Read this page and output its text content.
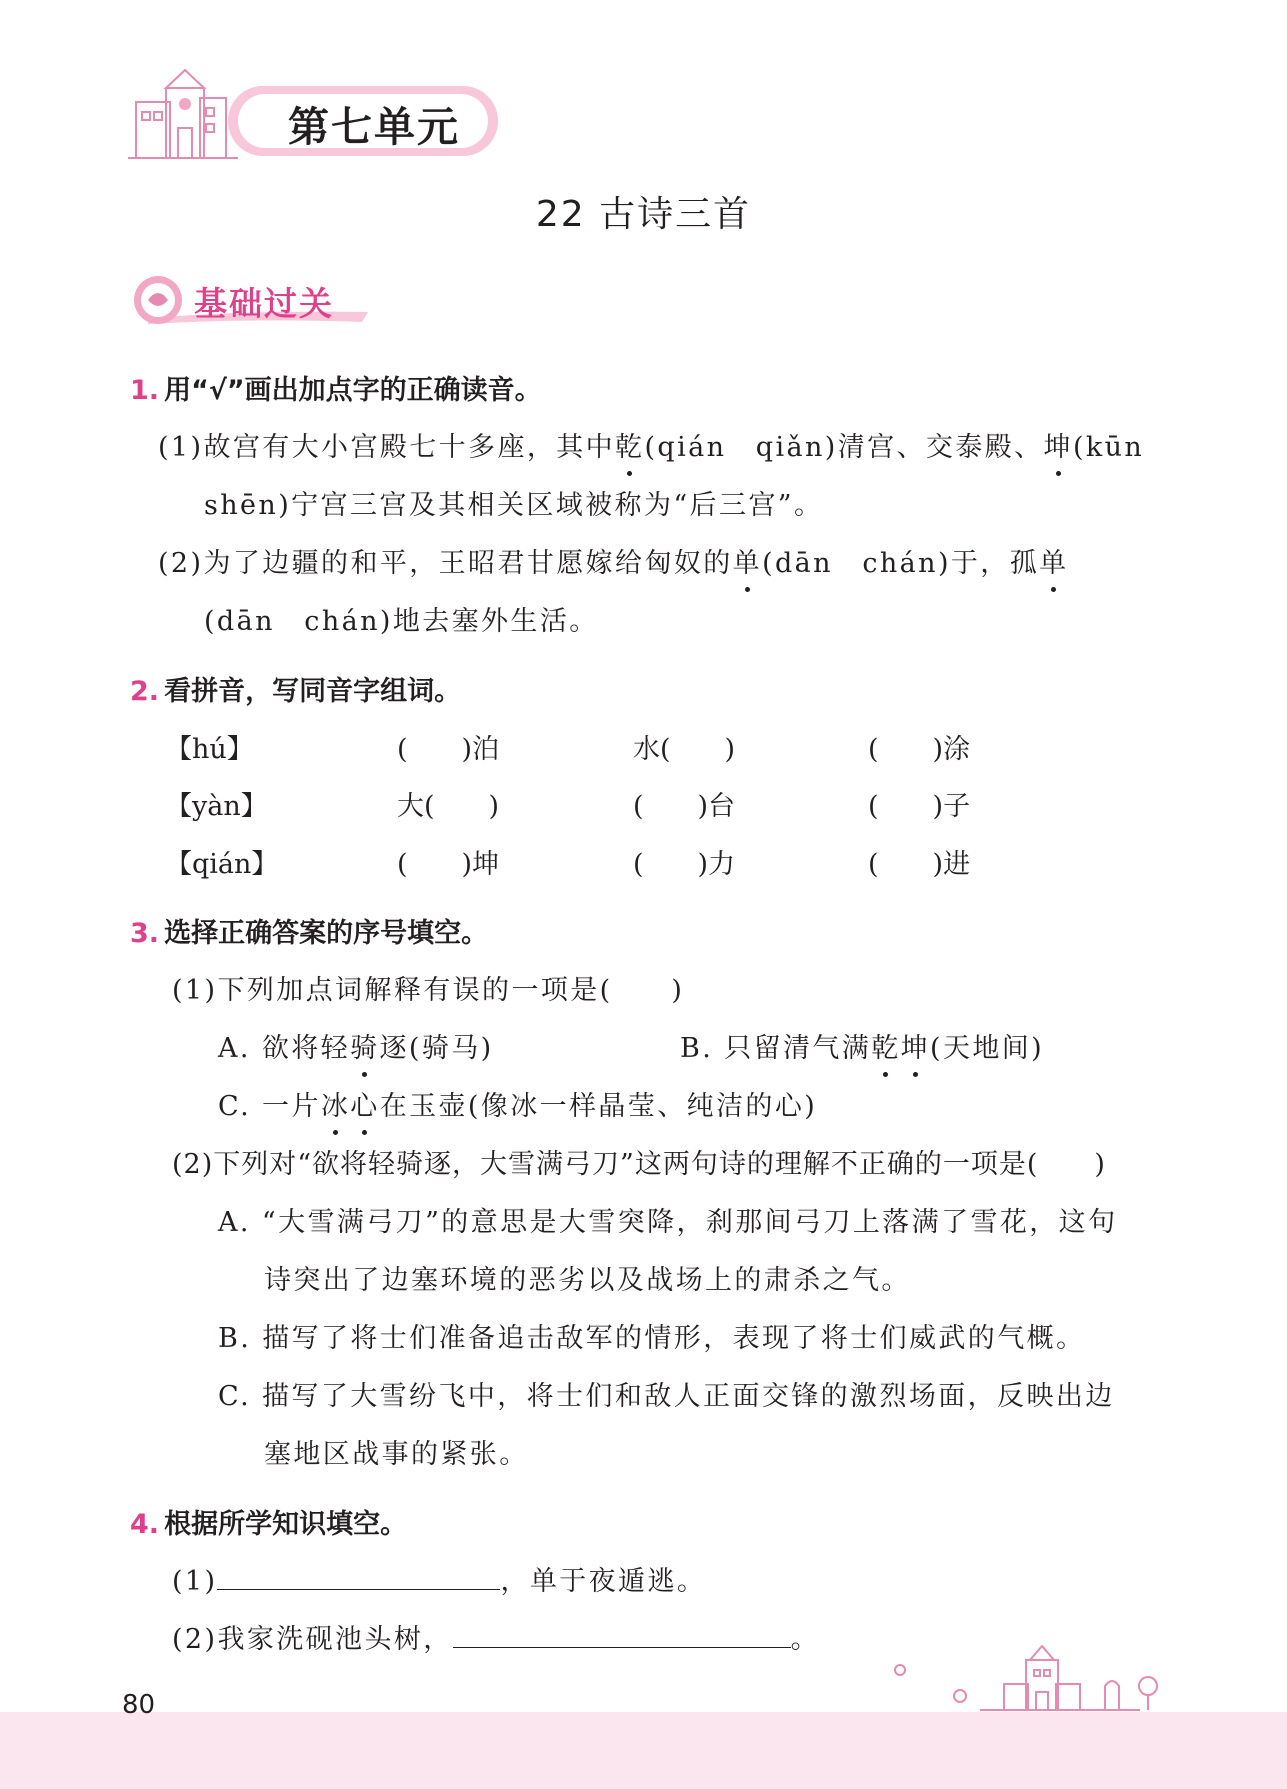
第七单元
22 古诗三首
基础过关
1. 用“√”画出加点字的正确读音。
(1)故宫有大小宫殿七十多座，其中乾(qián　qiǎn)清宫、交泰殿、坤(kūn
shēn)宁宫三宫及其相关区域被称为“后三宫”。
(2)为了边疆的和平，王昭君甘愿嫁给匈奴的单(dān　chán)于，孤单
(dān　chán)地去塞外生活。
2. 看拼音，写同音字组词。
【hú】	(　　)泊	水(　　)	(　　)涂
【yàn】	大(　　)	(　　)台	(　　)子
【qián】	(　　)坤	(　　)力	(　　)进
3. 选择正确答案的序号填空。
(1)下列加点词解释有误的一项是(　　)
A. 欲将轻骑逐(骑马)	B. 只留清气满乾坤(天地间)
C. 一片冰心在玉壶(像冰一样晶莹、纯洁的心)
(2)下列对“欲将轻骑逐，大雪满弓刀”这两句诗的理解不正确的一项是(　　)
A. “大雪满弓刀”的意思是大雪突降，刹那间弓刀上落满了雪花，这句
诗突出了边塞环境的恶劣以及战场上的肃杀之气。
B. 描写了将士们准备追击敌军的情形，表现了将士们威武的气概。
C. 描写了大雪纷飞中，将士们和敌人正面交锋的激烈场面，反映出边
塞地区战事的紧张。
4. 根据所学知识填空。
(1)	，单于夜遁逃。
(2)我家洗砚池头树，	。
80
